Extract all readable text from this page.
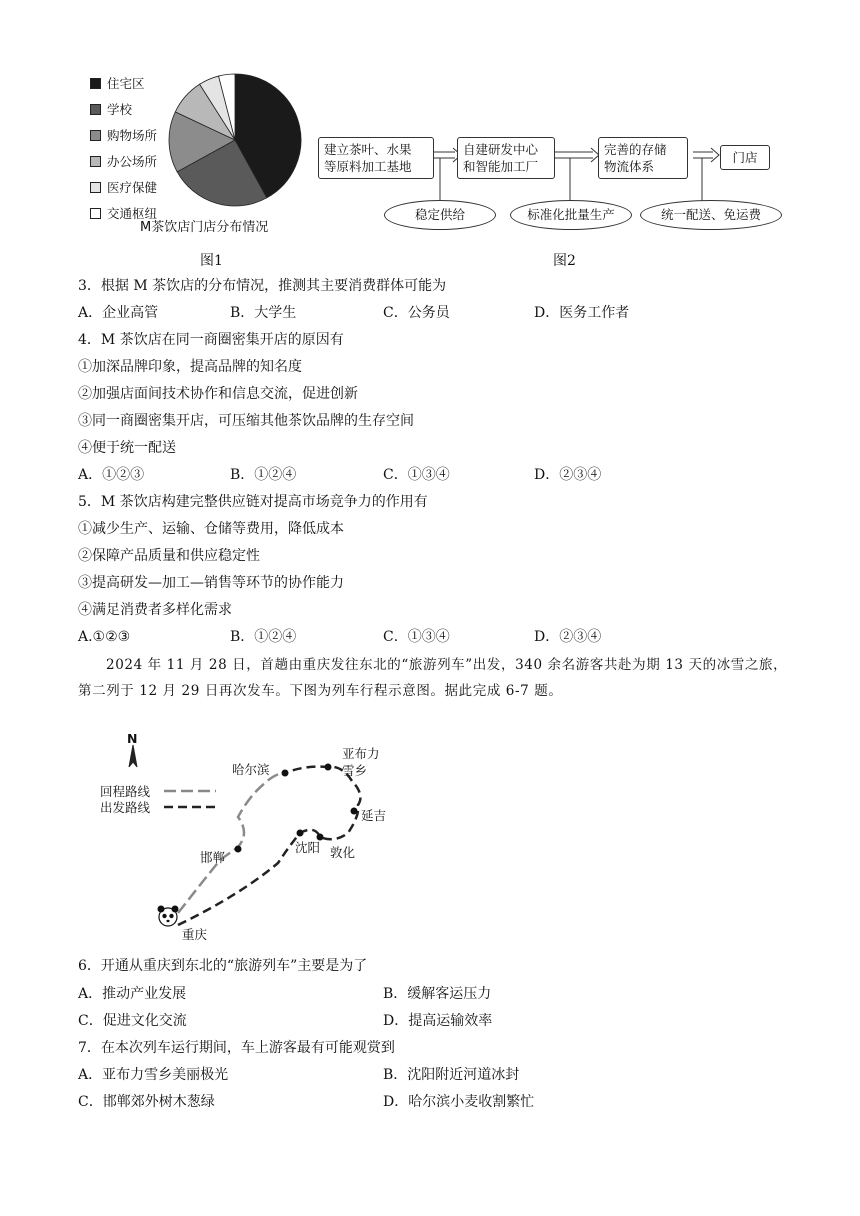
住宅区
学校
购物场所
办公场所
医疗保健
交通枢纽
M茶饮店门店分布情况
图1
建立茶叶、水果
等原料加工基地
自建研发中心
和智能加工厂
完善的存储
物流体系
门店
稳定供给	标准化批量生产	统一配送、免运费
图2
3．根据 M 茶饮店的分布情况，推测其主要消费群体可能为
A．企业高管	B．大学生	C．公务员	D．医务工作者
4．M 茶饮店在同一商圈密集开店的原因有
①加深品牌印象，提高品牌的知名度
②加强店面间技术协作和信息交流，促进创新
③同一商圈密集开店，可压缩其他茶饮品牌的生存空间
④便于统一配送
A．①②③	B．①②④	C．①③④	D．②③④
5．M 茶饮店构建完整供应链对提高市场竞争力的作用有
①减少生产、运输、仓储等费用，降低成本
②保障产品质量和供应稳定性
③提高研发—加工—销售等环节的协作能力
④满足消费者多样化需求
A.①②③	B．①②④	C．①③④	D．②③④
2024 年 11 月 28 日，首趟由重庆发往东北的“旅游列车”出发，340 余名游客共赴为期 13 天的冰雪之旅，第二列于 12 月 29 日再次发车。下图为列车行程示意图。据此完成 6-7 题。
N
回程路线
出发路线
哈尔滨
亚布力
雪乡
延吉
沈阳 敦化
邯郸
重庆
6．开通从重庆到东北的“旅游列车”主要是为了
A．推动产业发展	B．缓解客运压力
C．促进文化交流	D．提高运输效率
7．在本次列车运行期间，车上游客最有可能观赏到
A．亚布力雪乡美丽极光	B．沈阳附近河道冰封
C．邯郸郊外树木葱绿	D．哈尔滨小麦收割繁忙
